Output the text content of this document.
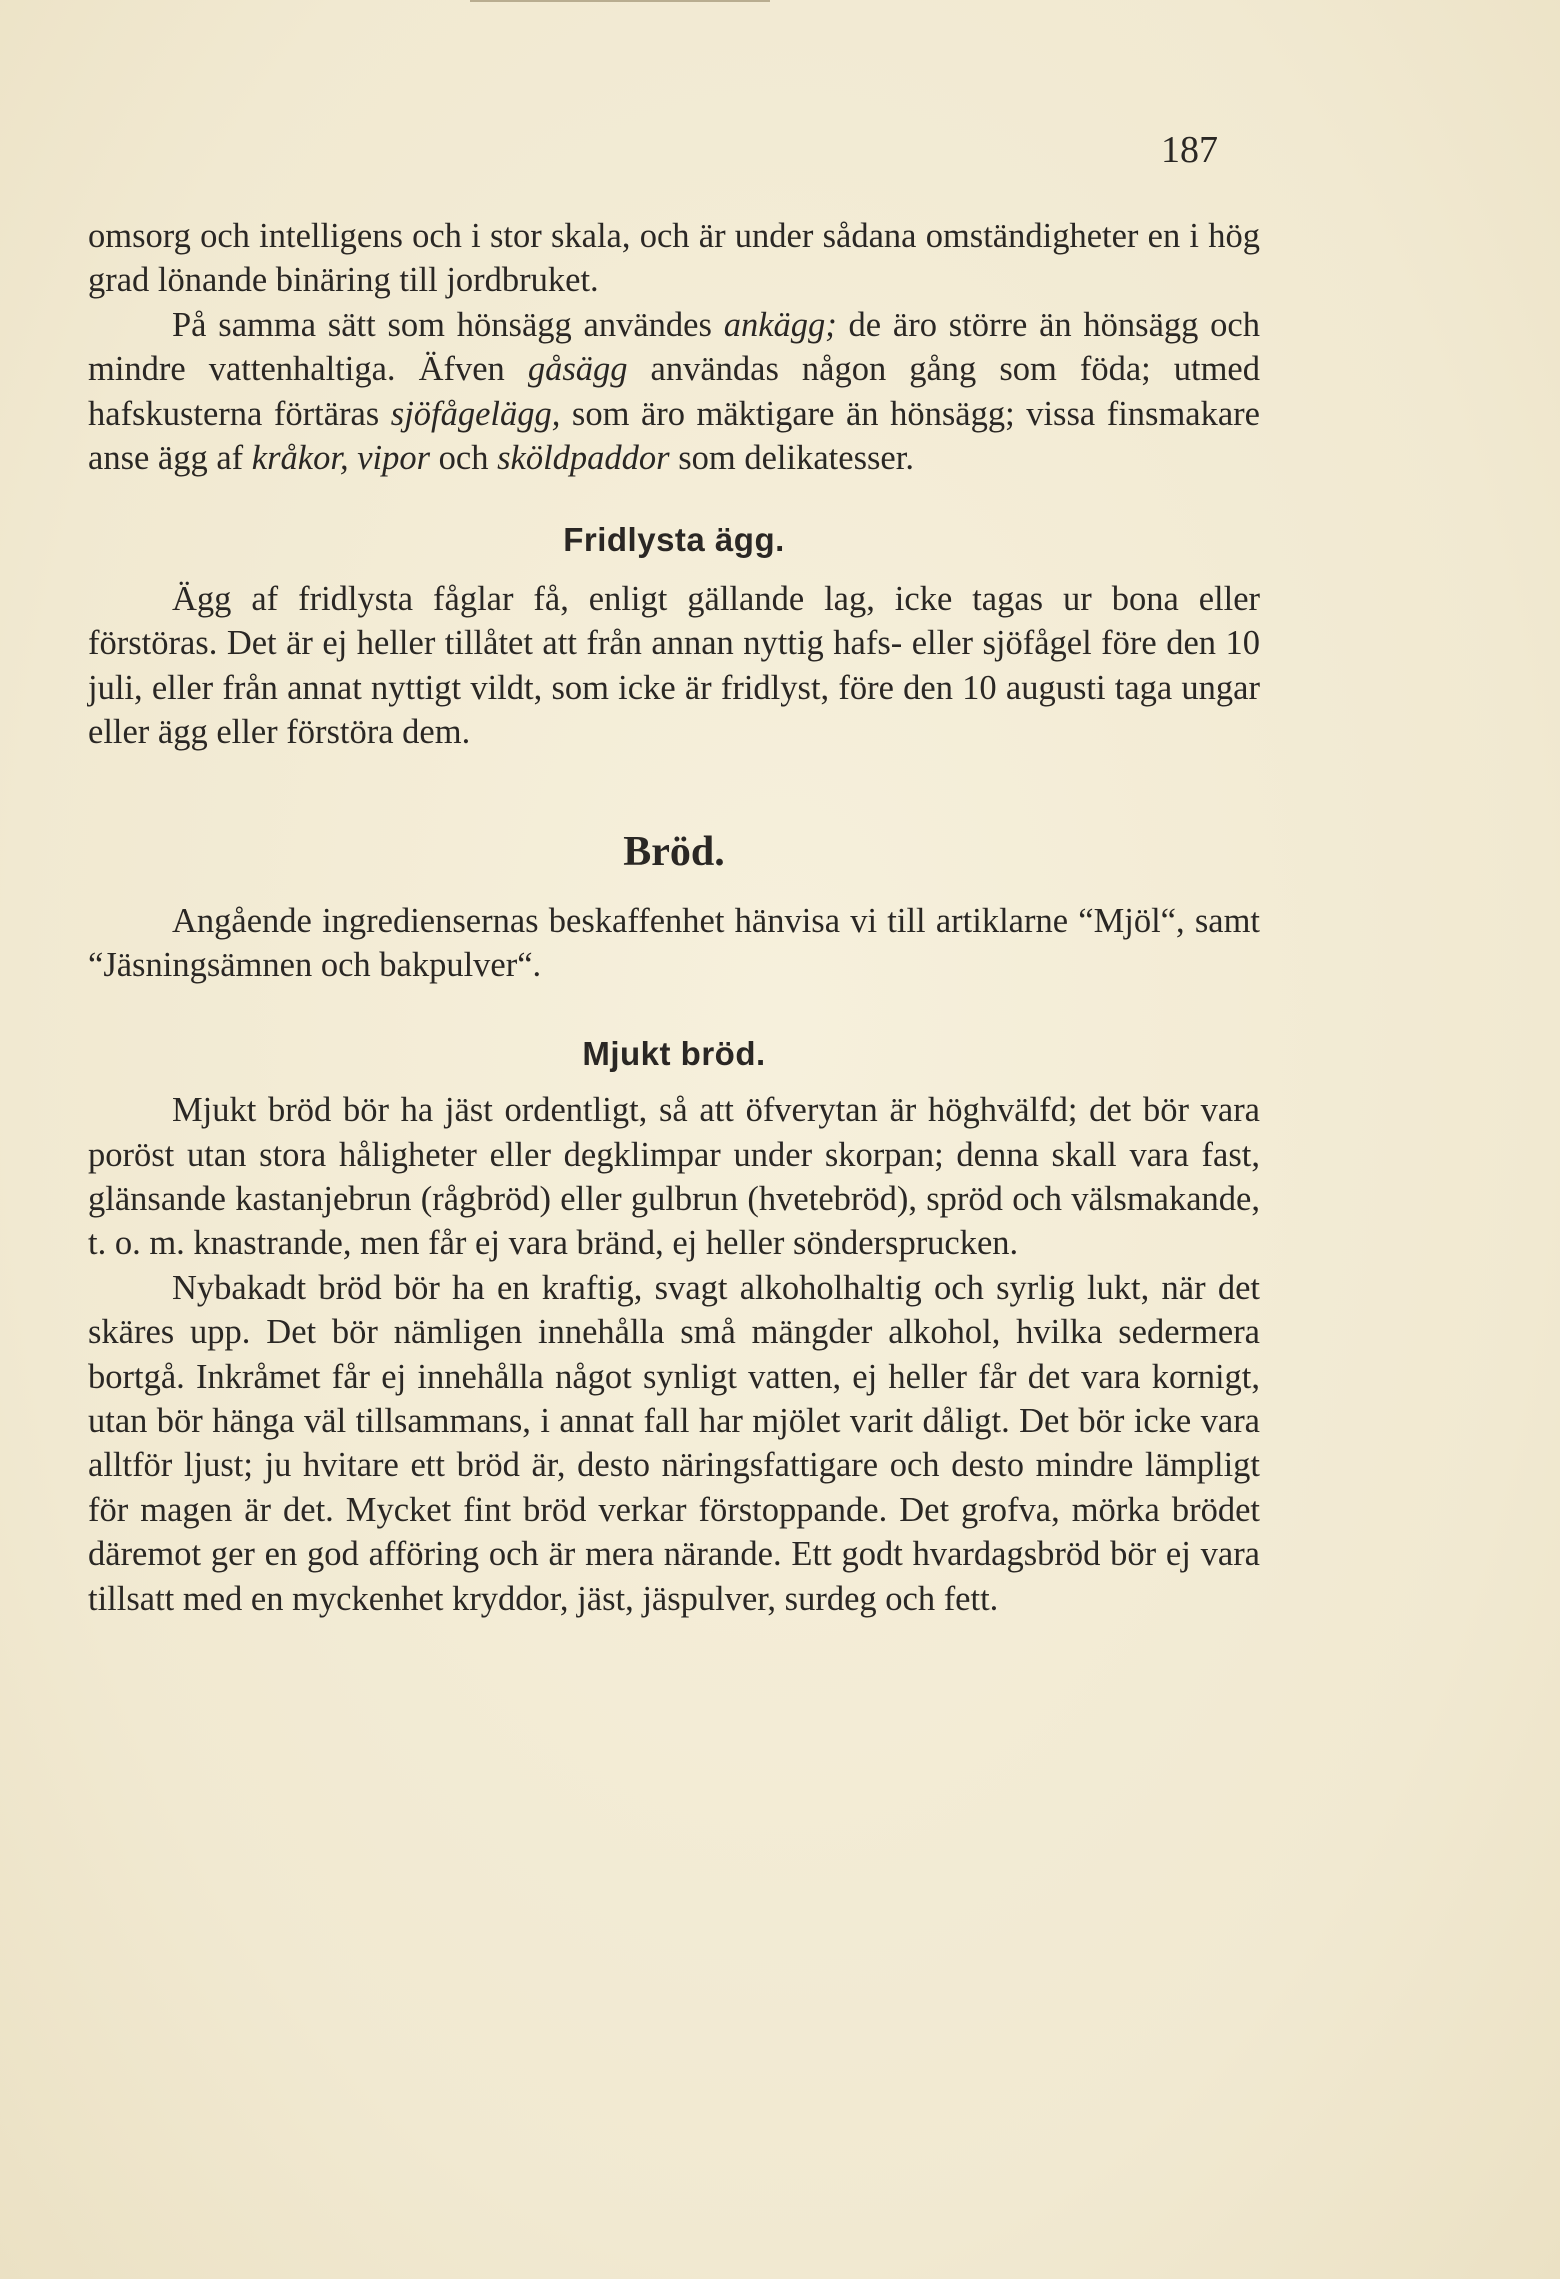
187

omsorg och intelligens och i stor skala, och är under sådana omständigheter en i hög grad lönande binäring till jordbruket.

På samma sätt som hönsägg användes ankägg; de äro större än hönsägg och mindre vattenhaltiga. Äfven gåsägg användas någon gång som föda; utmed hafskusterna förtäras sjöfågelägg, som äro mäktigare än hönsägg; vissa finsmakare anse ägg af kråkor, vipor och sköldpaddor som delikatesser.

Fridlysta ägg.

Ägg af fridlysta fåglar få, enligt gällande lag, icke tagas ur bona eller förstöras. Det är ej heller tillåtet att från annan nyttig hafs- eller sjöfågel före den 10 juli, eller från annat nyttigt vildt, som icke är fridlyst, före den 10 augusti taga ungar eller ägg eller förstöra dem.

Bröd.

Angående ingrediensernas beskaffenhet hänvisa vi till artiklarne “Mjöl“, samt “Jäsningsämnen och bakpulver“.

Mjukt bröd.

Mjukt bröd bör ha jäst ordentligt, så att öfverytan är höghvälfd; det bör vara poröst utan stora håligheter eller degklimpar under skorpan; denna skall vara fast, glänsande kastanjebrun (rågbröd) eller gulbrun (hvetebröd), spröd och välsmakande, t. o. m. knastrande, men får ej vara bränd, ej heller söndersprucken.

Nybakadt bröd bör ha en kraftig, svagt alkoholhaltig och syrlig lukt, när det skäres upp. Det bör nämligen innehålla små mängder alkohol, hvilka sedermera bortgå. Inkråmet får ej innehålla något synligt vatten, ej heller får det vara kornigt, utan bör hänga väl tillsammans, i annat fall har mjölet varit dåligt. Det bör icke vara alltför ljust; ju hvitare ett bröd är, desto näringsfattigare och desto mindre lämpligt för magen är det. Mycket fint bröd verkar förstoppande. Det grofva, mörka brödet däremot ger en god afföring och är mera närande. Ett godt hvardagsbröd bör ej vara tillsatt med en myckenhet kryddor, jäst, jäspulver, surdeg och fett.
